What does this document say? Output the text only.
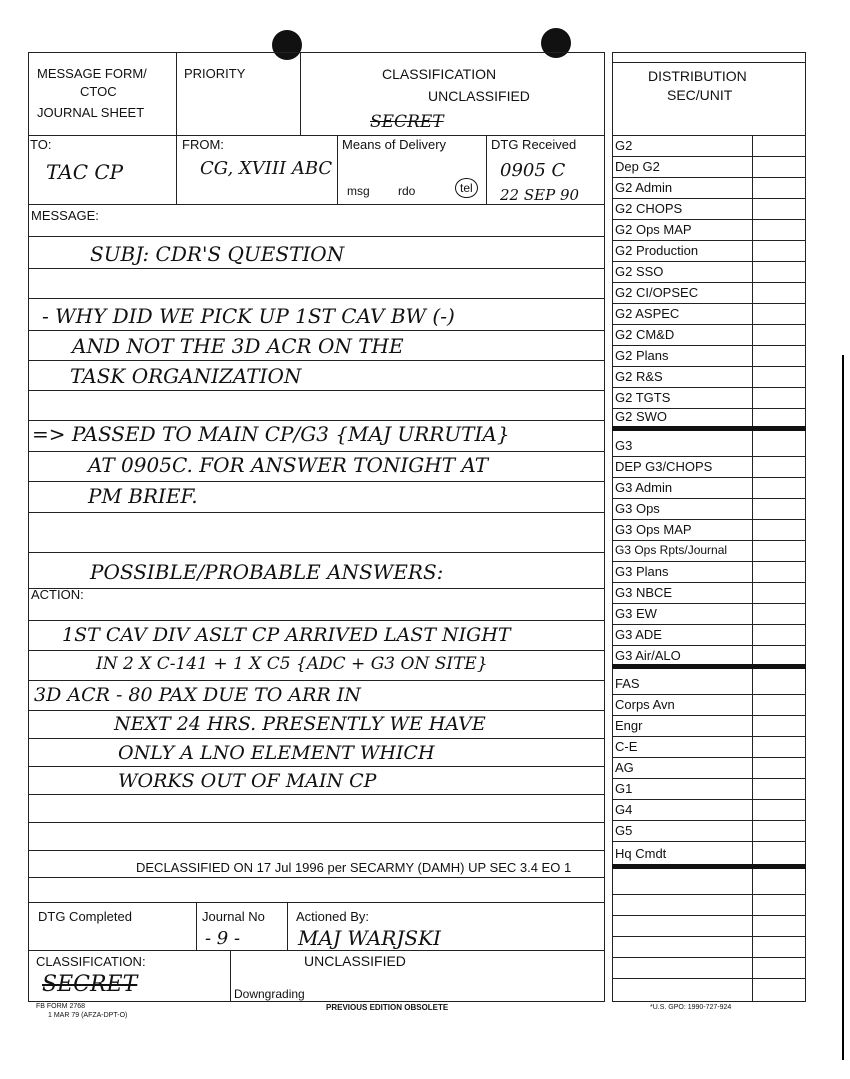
MESSAGE FORM/
CTOC
JOURNAL SHEET
PRIORITY	CLASSIFICATION
UNCLASSIFIED
SECRET
TO:
TAC CP
FROM:
CG, XVIII ABC
Means of Delivery
msg rdo	tel
DTG Received
0905 C
22 SEP 90
MESSAGE:
SUBJ: CDR'S QUESTION
- WHY DID WE PICK UP 1ST CAV BW (-)
AND NOT THE 3D ACR ON THE
TASK ORGANIZATION
=> PASSED TO MAIN CP/G3 {MAJ URRUTIA}
AT 0905C. FOR ANSWER TONIGHT AT
PM BRIEF.
POSSIBLE/PROBABLE ANSWERS:
ACTION:
1ST CAV DIV ASLT CP ARRIVED LAST NIGHT
IN 2 X C-141 + 1 X C5 {ADC + G3 ON SITE}
3D ACR - 80 PAX DUE TO ARR IN
NEXT 24 HRS. PRESENTLY WE HAVE
ONLY A LNO ELEMENT WHICH
WORKS OUT OF MAIN CP
DECLASSIFIED ON 17 Jul 1996 per SECARMY (DAMH) UP SEC 3.4 EO 1
DTG Completed	Journal No
- 9 -
Actioned By:
MAJ WARJSKI
CLASSIFICATION:	UNCLASSIFIED
SECRET	Downgrading
FB FORM 2768
1 MAR 79 (AFZA-DPT-O)
PREVIOUS EDITION OBSOLETE	*U.S. GPO: 1990-727-924
DISTRIBUTION
SEC/UNIT
G2
Dep G2
G2 Admin
G2 CHOPS
G2 Ops MAP
G2 Production
G2 SSO
G2 CI/OPSEC
G2 ASPEC
G2 CM&D
G2 Plans
G2 R&S
G2 TGTS
G2 SWO
G3
DEP G3/CHOPS
G3 Admin
G3 Ops
G3 Ops MAP
G3 Ops Rpts/Journal
G3 Plans
G3 NBCE
G3 EW
G3 ADE
G3 Air/ALO
FAS
Corps Avn
Engr
C-E
AG
G1
G4
G5
Hq Cmdt
